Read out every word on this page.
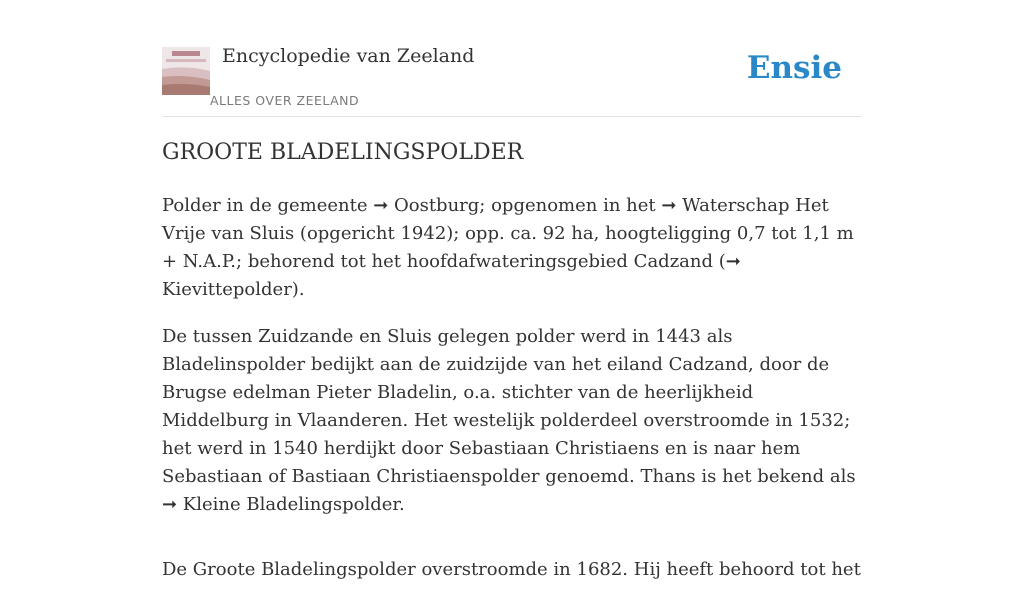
Encyclopedie van Zeeland
ALLES OVER ZEELAND
Ensie
GROOTE BLADELINGSPOLDER

Polder in de gemeente ➞ Oostburg; opgenomen in het ➞ Waterschap Het Vrije van Sluis (opgericht 1942); opp. ca. 92 ha, hoogteligging 0,7 tot 1,1 m + N.A.P.; behorend tot het hoofdafwateringsgebied Cadzand (➞ Kievittepolder).

De tussen Zuidzande en Sluis gelegen polder werd in 1443 als Bladelinspolder bedijkt aan de zuidzijde van het eiland Cadzand, door de Brugse edelman Pieter Bladelin, o.a. stichter van de heerlijkheid Middelburg in Vlaanderen. Het westelijk polderdeel overstroomde in 1532; het werd in 1540 herdijkt door Sebastiaan Christiaens en is naar hem Sebastiaan of Bastiaan Christiaenspolder genoemd. Thans is het bekend als ➞ Kleine Bladelingspolder.

De Groote Bladelingspolder overstroomde in 1682. Hij heeft behoord tot het
